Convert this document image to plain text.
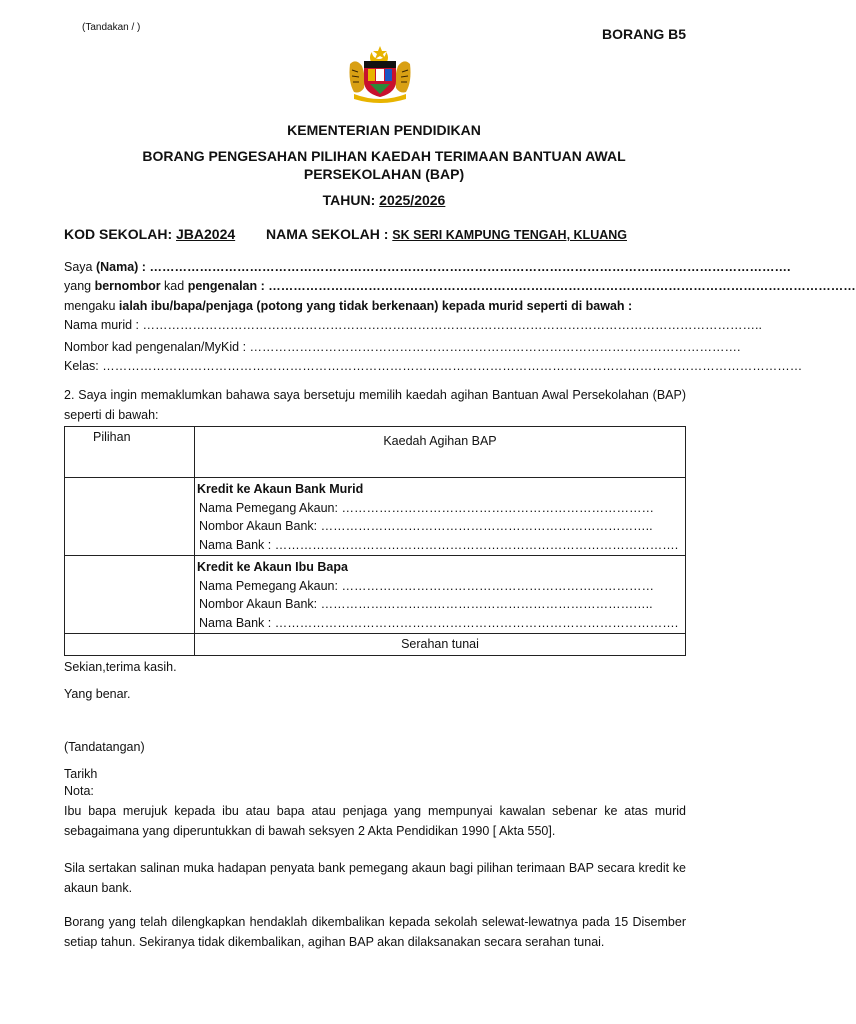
(Tandakan / )	BORANG B5
KEMENTERIAN PENDIDIKAN
BORANG PENGESAHAN PILIHAN KAEDAH TERIMAAN BANTUAN AWAL
PERSEKOLAHAN (BAP)
TAHUN: 2025/2026
KOD SEKOLAH: JBA2024 NAMA SEKOLAH : SK SERI KAMPUNG TENGAH, KLUANG
Saya (Nama) : ……………………………………………………………………………………………………………………………………….
yang bernombor kad pengenalan : ……………………………………………………………………………………………………………………………
mengaku ialah ibu/bapa/penjaga (potong yang tidak berkenaan) kepada murid seperti di bawah :
Nama murid : …………………………………………………………………………………………………………………………………..
Nombor kad pengenalan/MyKid : ……………………………………………………………………………………………………….
Kelas: ……………………………………………………………………………………………………………………………………………………
2. Saya ingin memaklumkan bahawa saya bersetuju memilih kaedah agihan Bantuan Awal Persekolahan (BAP) seperti di bawah:
Pilihan	Kaedah Agihan BAP

	Kredit ke Akaun Bank Murid
Nama Pemegang Akaun: …………………………………………………………………
Nombor Akaun Bank: ……………………………………………………………………..
Nama Bank : …………………………………………………………………………………….

	Kredit ke Akaun Ibu Bapa
Nama Pemegang Akaun: …………………………………………………………………
Nombor Akaun Bank: ……………………………………………………………………..
Nama Bank : …………………………………………………………………………………….

	Serahan tunai
Sekian,terima kasih.
Yang benar.
(Tandatangan)
Tarikh
Nota:
Ibu bapa merujuk kepada ibu atau bapa atau penjaga yang mempunyai kawalan sebenar ke atas murid sebagaimana yang diperuntukkan di bawah seksyen 2 Akta Pendidikan 1990 [ Akta 550].
Sila sertakan salinan muka hadapan penyata bank pemegang akaun bagi pilihan terimaan BAP secara kredit ke akaun bank.
Borang yang telah dilengkapkan hendaklah dikembalikan kepada sekolah selewat-lewatnya pada 15 Disember setiap tahun. Sekiranya tidak dikembalikan, agihan BAP akan dilaksanakan secara serahan tunai.
